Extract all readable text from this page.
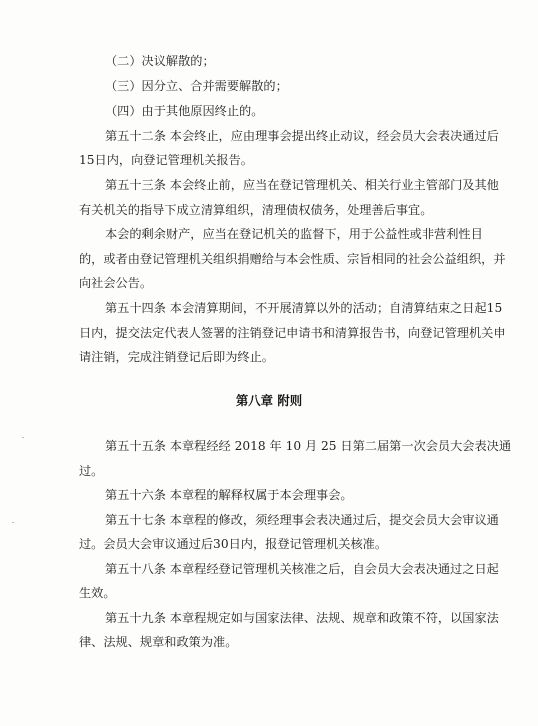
（二）决议解散的；
（三）因分立、合并需要解散的；
（四）由于其他原因终止的。
第五十二条 本会终止，应由理事会提出终止动议，经会员大会表决通过后
15日内，向登记管理机关报告。
第五十三条 本会终止前，应当在登记管理机关、相关行业主管部门及其他
有关机关的指导下成立清算组织，清理债权债务，处理善后事宜。
本会的剩余财产，应当在登记机关的监督下，用于公益性或非营利性目
的，或者由登记管理机关组织捐赠给与本会性质、宗旨相同的社会公益组织，并
向社会公告。
第五十四条 本会清算期间，不开展清算以外的活动；自清算结束之日起15
日内，提交法定代表人签署的注销登记申请书和清算报告书，向登记管理机关申
请注销，完成注销登记后即为终止。
第八章 附则
第五十五条 本章程经经 2018 年 10 月 25 日第二届第一次会员大会表决通
过。
第五十六条 本章程的解释权属于本会理事会。
第五十七条 本章程的修改，须经理事会表决通过后，提交会员大会审议通
过。会员大会审议通过后30日内，报登记管理机关核准。
第五十八条 本章程经登记管理机关核准之后，自会员大会表决通过之日起
生效。
第五十九条 本章程规定如与国家法律、法规、规章和政策不符，以国家法
律、法规、规章和政策为准。
